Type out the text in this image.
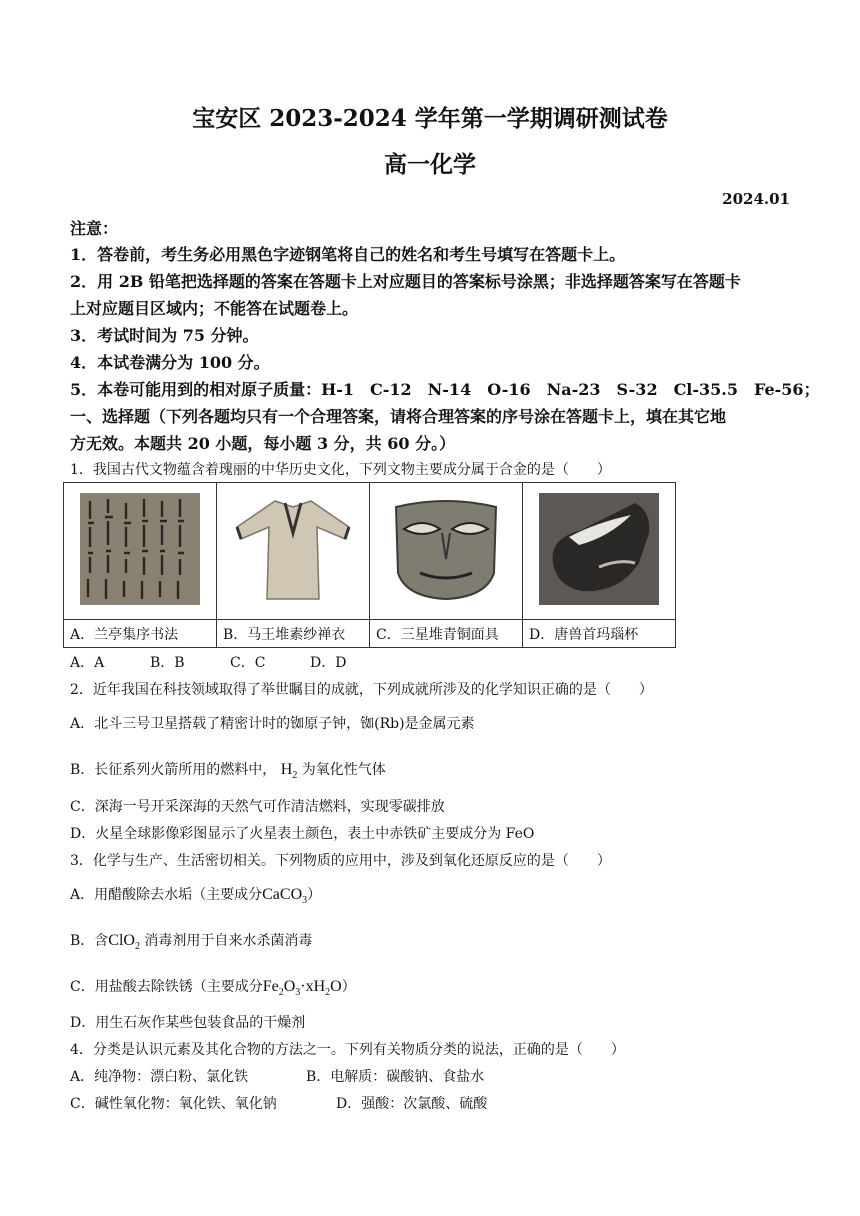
宝安区 2023-2024 学年第一学期调研测试卷
高一化学
2024.01
注意：
1．答卷前，考生务必用黑色字迹钢笔将自己的姓名和考生号填写在答题卡上。
2．用 2B 铅笔把选择题的答案在答题卡上对应题目的答案标号涂黑；非选择题答案写在答题卡
上对应题目区域内；不能答在试题卷上。
3．考试时间为 75 分钟。
4．本试卷满分为 100 分。
5．本卷可能用到的相对原子质量：H-1　C-12　N-14　O-16　Na-23　S-32　Cl-35.5　Fe-56；
一、选择题（下列各题均只有一个合理答案，请将合理答案的序号涂在答题卡上，填在其它地
方无效。本题共 20 小题，每小题 3 分，共 60 分。）
1．我国古代文物蕴含着瑰丽的中华历史文化，下列文物主要成分属于合金的是（　　）

A．兰亭集序书法	B．马王堆素纱禅衣	C．三星堆青铜面具	D．唐兽首玛瑙杯
A．A	B．B	C．C	D．D
2．近年我国在科技领域取得了举世瞩目的成就，下列成就所涉及的化学知识正确的是（　　）
A．北斗三号卫星搭载了精密计时的铷原子钟，铷(Rb)是金属元素
B．长征系列火箭所用的燃料中， $H_2$ 为氧化性气体
C．深海一号开采深海的天然气可作清洁燃料，实现零碳排放
D．火星全球影像彩图显示了火星表土颜色，表土中赤铁矿主要成分为 FeO
3．化学与生产、生活密切相关。下列物质的应用中，涉及到氧化还原反应的是（　　）
A．用醋酸除去水垢（主要成分CaCO$_3$）
B．含ClO$_2$ 消毒剂用于自来水杀菌消毒
C．用盐酸去除铁锈（主要成分$Fe_2O_3\cdot xH_2O$）
D．用生石灰作某些包装食品的干燥剂
4．分类是认识元素及其化合物的方法之一。下列有关物质分类的说法，正确的是（　　）
A．纯净物：漂白粉、氯化铁	B．电解质：碳酸钠、食盐水
C．碱性氧化物：氧化铁、氧化钠	D．强酸：次氯酸、硫酸
